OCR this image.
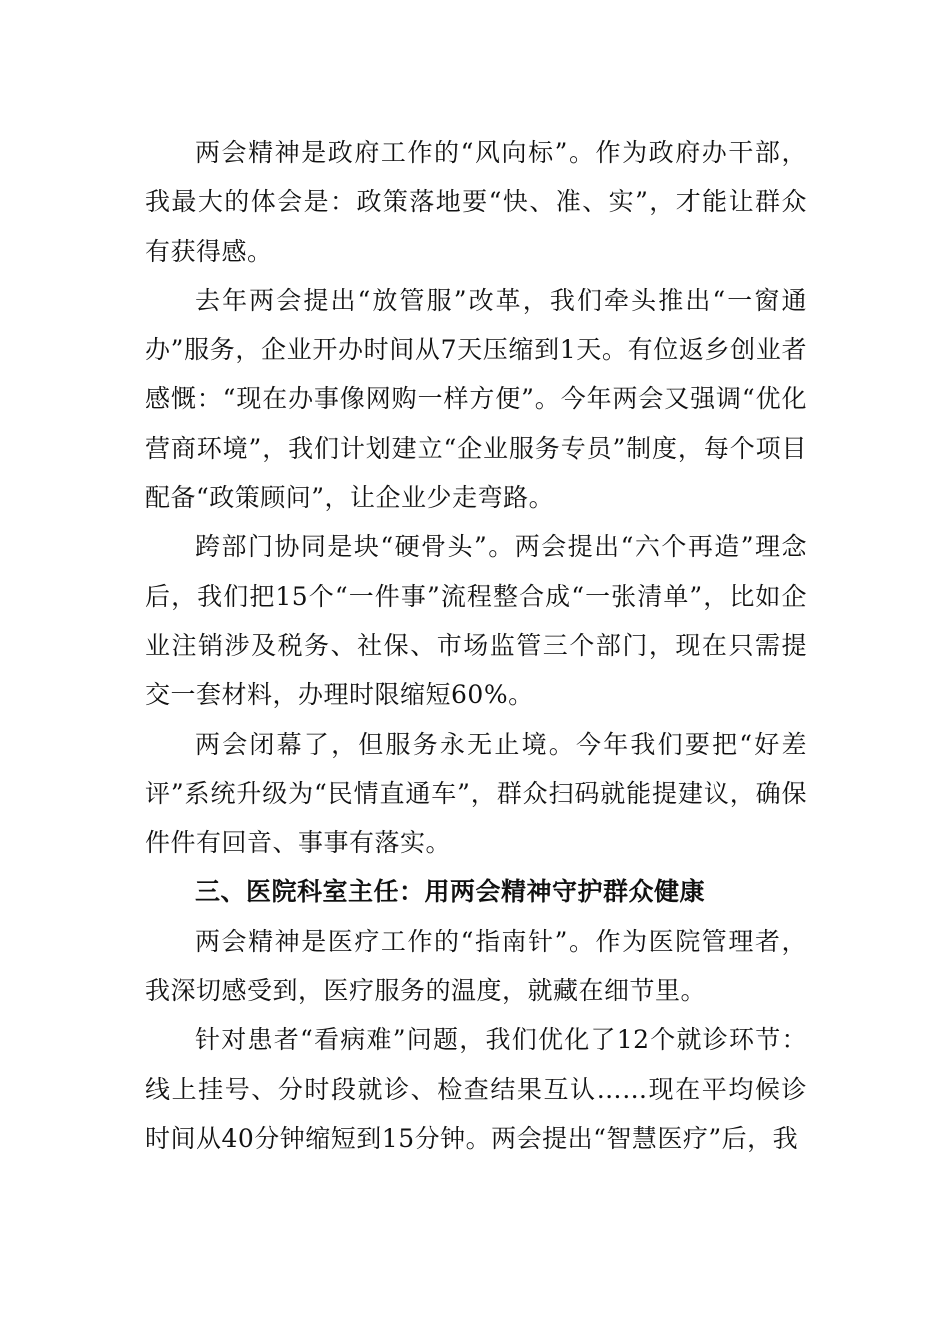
两会精神是政府工作的“风向标”。作为政府办干部，我最大的体会是：政策落地要“快、准、实”，才能让群众有获得感。

去年两会提出“放管服”改革，我们牵头推出“一窗通办”服务，企业开办时间从7天压缩到1天。有位返乡创业者感慨：“现在办事像网购一样方便”。今年两会又强调“优化营商环境”，我们计划建立“企业服务专员”制度，每个项目配备“政策顾问”，让企业少走弯路。

跨部门协同是块“硬骨头”。两会提出“六个再造”理念后，我们把15个“一件事”流程整合成“一张清单”，比如企业注销涉及税务、社保、市场监管三个部门，现在只需提交一套材料，办理时限缩短60%。

两会闭幕了，但服务永无止境。今年我们要把“好差评”系统升级为“民情直通车”，群众扫码就能提建议，确保件件有回音、事事有落实。

三、医院科室主任：用两会精神守护群众健康

两会精神是医疗工作的“指南针”。作为医院管理者，我深切感受到，医疗服务的温度，就藏在细节里。

针对患者“看病难”问题，我们优化了12个就诊环节：线上挂号、分时段就诊、检查结果互认……现在平均候诊时间从40分钟缩短到15分钟。两会提出“智慧医疗”后，我
